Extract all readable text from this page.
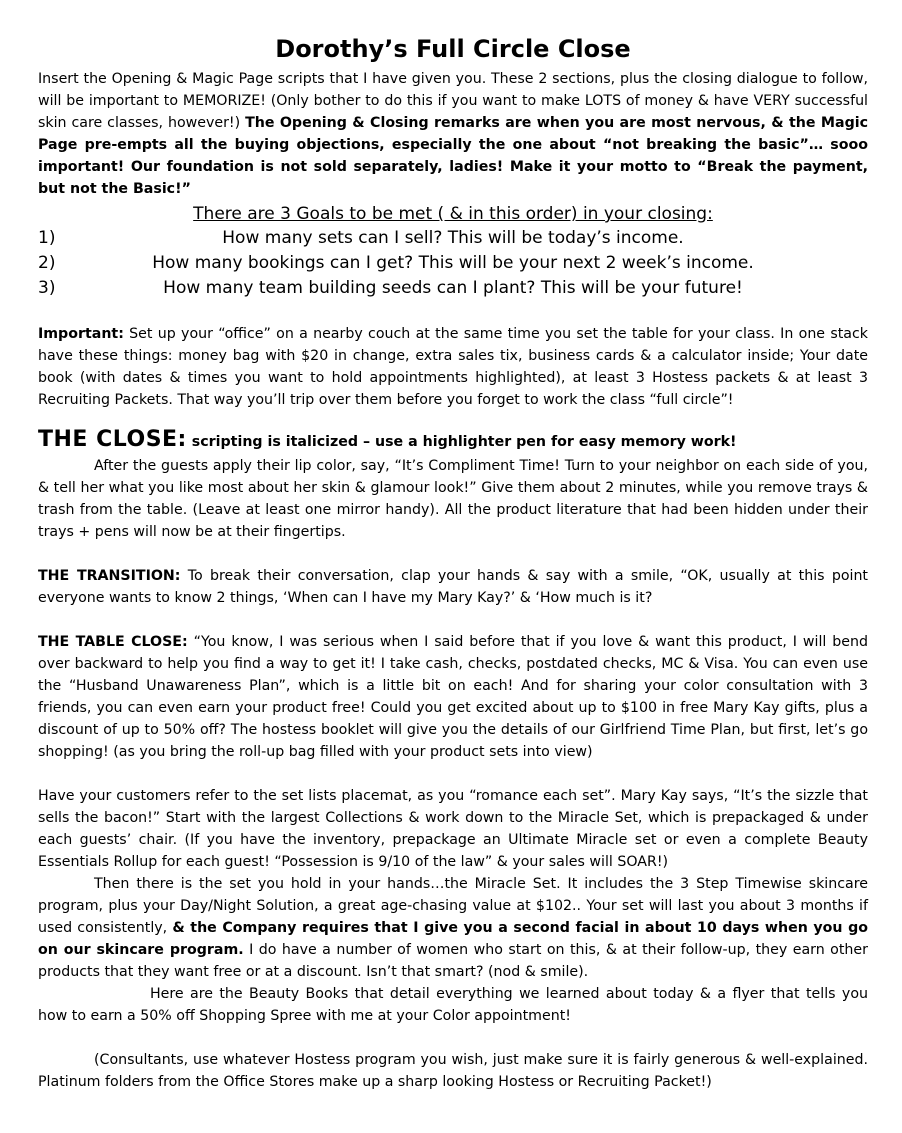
Dorothy’s Full Circle Close

Insert the Opening & Magic Page scripts that I have given you. These 2 sections, plus the closing dialogue to follow, will be important to MEMORIZE! (Only bother to do this if you want to make LOTS of money & have VERY successful skin care classes, however!) The Opening & Closing remarks are when you are most nervous, & the Magic Page pre-empts all the buying objections, especially the one about “not breaking the basic”… sooo important! Our foundation is not sold separately, ladies! Make it your motto to “Break the payment, but not the Basic!”

There are 3 Goals to be met ( & in this order) in your closing:
1)	How many sets can I sell? This will be today’s income.
2)	How many bookings can I get? This will be your next 2 week’s income.
3)	How many team building seeds can I plant? This will be your future!

Important: Set up your “office” on a nearby couch at the same time you set the table for your class. In one stack have these things: money bag with $20 in change, extra sales tix, business cards & a calculator inside; Your date book (with dates & times you want to hold appointments highlighted), at least 3 Hostess packets & at least 3 Recruiting Packets. That way you’ll trip over them before you forget to work the class “full circle”!

THE CLOSE: scripting is italicized – use a highlighter pen for easy memory work!

After the guests apply their lip color, say, “It’s Compliment Time! Turn to your neighbor on each side of you, & tell her what you like most about her skin & glamour look!” Give them about 2 minutes, while you remove trays & trash from the table. (Leave at least one mirror handy). All the product literature that had been hidden under their trays + pens will now be at their fingertips.

THE TRANSITION: To break their conversation, clap your hands & say with a smile, “OK, usually at this point everyone wants to know 2 things, ‘When can I have my Mary Kay?’ & ‘How much is it?

THE TABLE CLOSE: “You know, I was serious when I said before that if you love & want this product, I will bend over backward to help you find a way to get it! I take cash, checks, postdated checks, MC & Visa. You can even use the “Husband Unawareness Plan”, which is a little bit on each! And for sharing your color consultation with 3 friends, you can even earn your product free! Could you get excited about up to $100 in free Mary Kay gifts, plus a discount of up to 50% off? The hostess booklet will give you the details of our Girlfriend Time Plan, but first, let’s go shopping! (as you bring the roll-up bag filled with your product sets into view)

Have your customers refer to the set lists placemat, as you “romance each set”. Mary Kay says, “It’s the sizzle that sells the bacon!” Start with the largest Collections & work down to the Miracle Set, which is prepackaged & under each guests’ chair. (If you have the inventory, prepackage an Ultimate Miracle set or even a complete Beauty Essentials Rollup for each guest! “Possession is 9/10 of the law” & your sales will SOAR!)

Then there is the set you hold in your hands…the Miracle Set. It includes the 3 Step Timewise skincare program, plus your Day/Night Solution, a great age-chasing value at $102.. Your set will last you about 3 months if used consistently, & the Company requires that I give you a second facial in about 10 days when you go on our skincare program. I do have a number of women who start on this, & at their follow-up, they earn other products that they want free or at a discount. Isn’t that smart? (nod & smile).

Here are the Beauty Books that detail everything we learned about today & a flyer that tells you how to earn a 50% off Shopping Spree with me at your Color appointment!

(Consultants, use whatever Hostess program you wish, just make sure it is fairly generous & well-explained. Platinum folders from the Office Stores make up a sharp looking Hostess or Recruiting Packet!)
